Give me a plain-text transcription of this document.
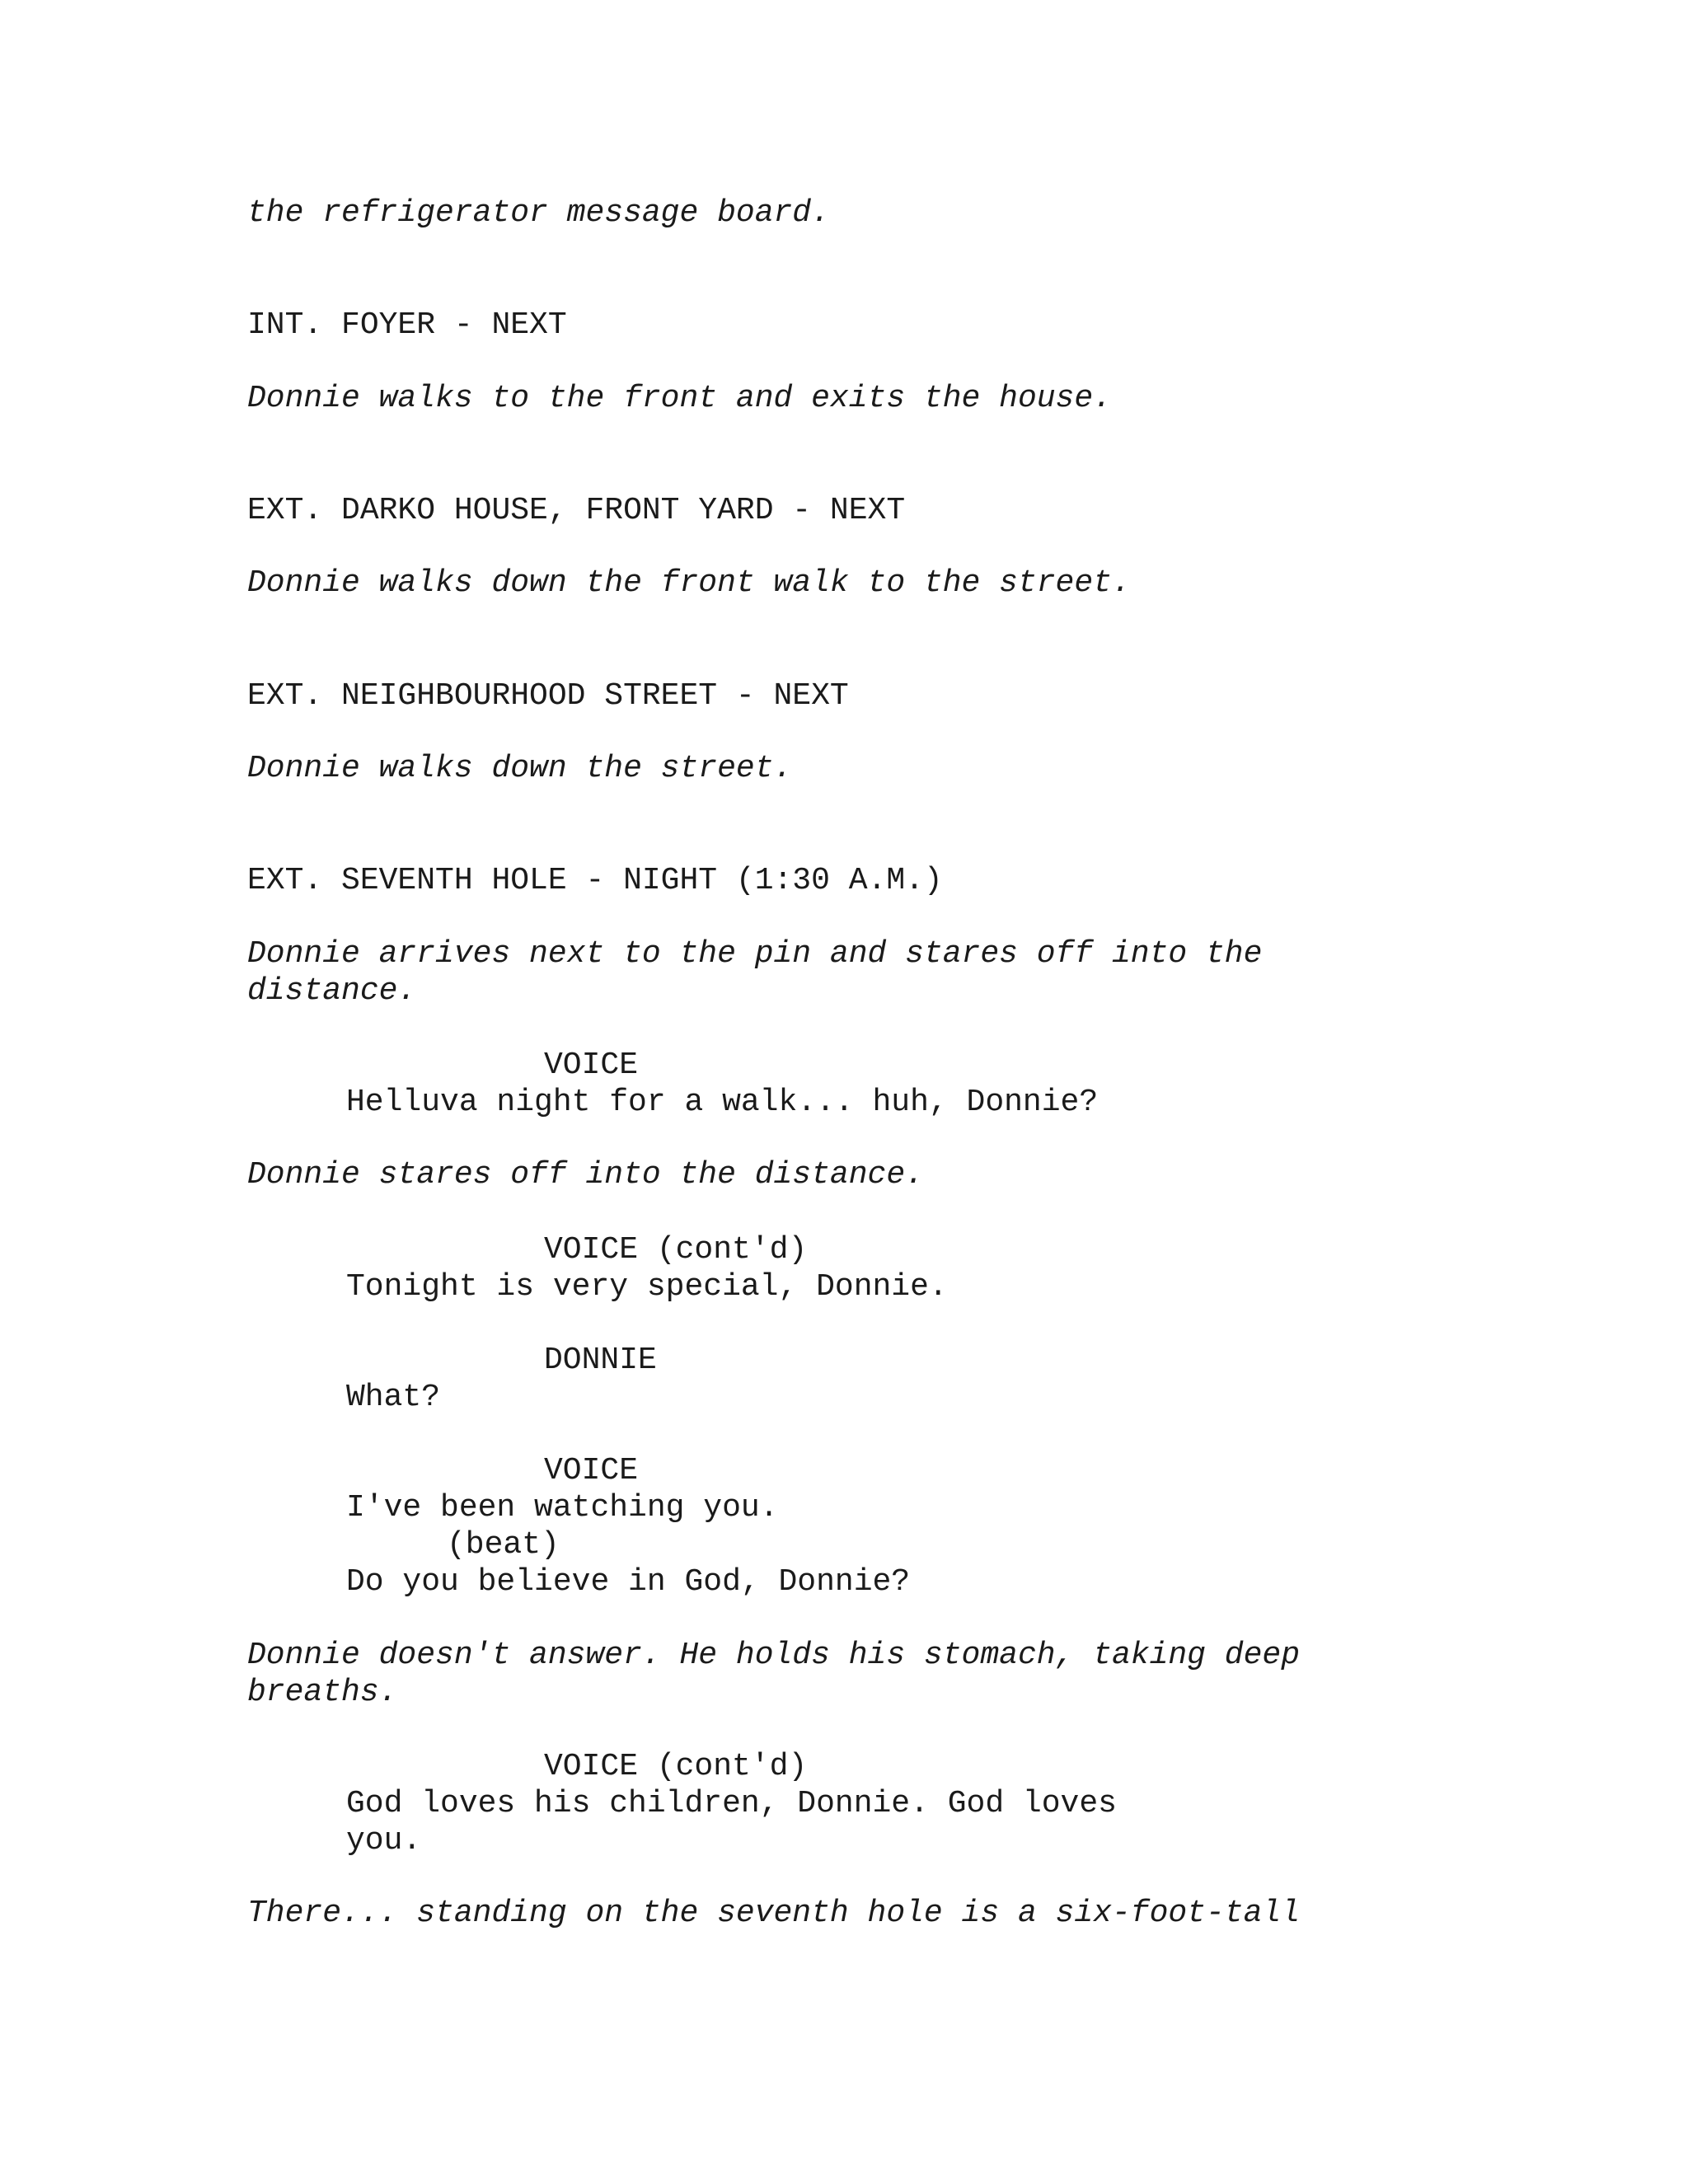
the refrigerator message board.
INT. FOYER - NEXT
Donnie walks to the front and exits the house.
EXT. DARKO HOUSE, FRONT YARD - NEXT
Donnie walks down the front walk to the street.
EXT. NEIGHBOURHOOD STREET - NEXT
Donnie walks down the street.
EXT. SEVENTH HOLE - NIGHT (1:30 A.M.)
Donnie arrives next to the pin and stares off into the
distance.
VOICE
Helluva night for a walk... huh, Donnie?
Donnie stares off into the distance.
VOICE (cont'd)
Tonight is very special, Donnie.
DONNIE
What?
VOICE
I've been watching you.
(beat)
Do you believe in God, Donnie?
Donnie doesn't answer. He holds his stomach, taking deep
breaths.
VOICE (cont'd)
God loves his children, Donnie. God loves
you.
There... standing on the seventh hole is a six-foot-tall
